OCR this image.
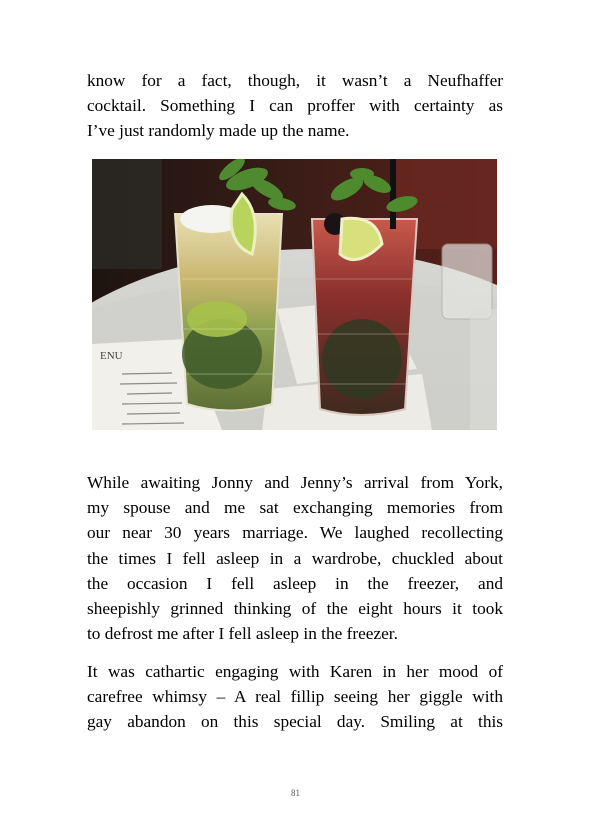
know for a fact, though, it wasn’t a Neufhaffer
cocktail. Something I can proffer with certainty as
I’ve just randomly made up the name.
ENU
While awaiting Jonny and Jenny’s arrival from York,
my spouse and me sat exchanging memories from
our near 30 years marriage. We laughed recollecting
the times I fell asleep in a wardrobe, chuckled about
the occasion I fell asleep in the freezer, and
sheepishly grinned thinking of the eight hours it took
to defrost me after I fell asleep in the freezer.
It was cathartic engaging with Karen in her mood of
carefree whimsy – A real fillip seeing her giggle with
gay abandon on this special day. Smiling at this
81
